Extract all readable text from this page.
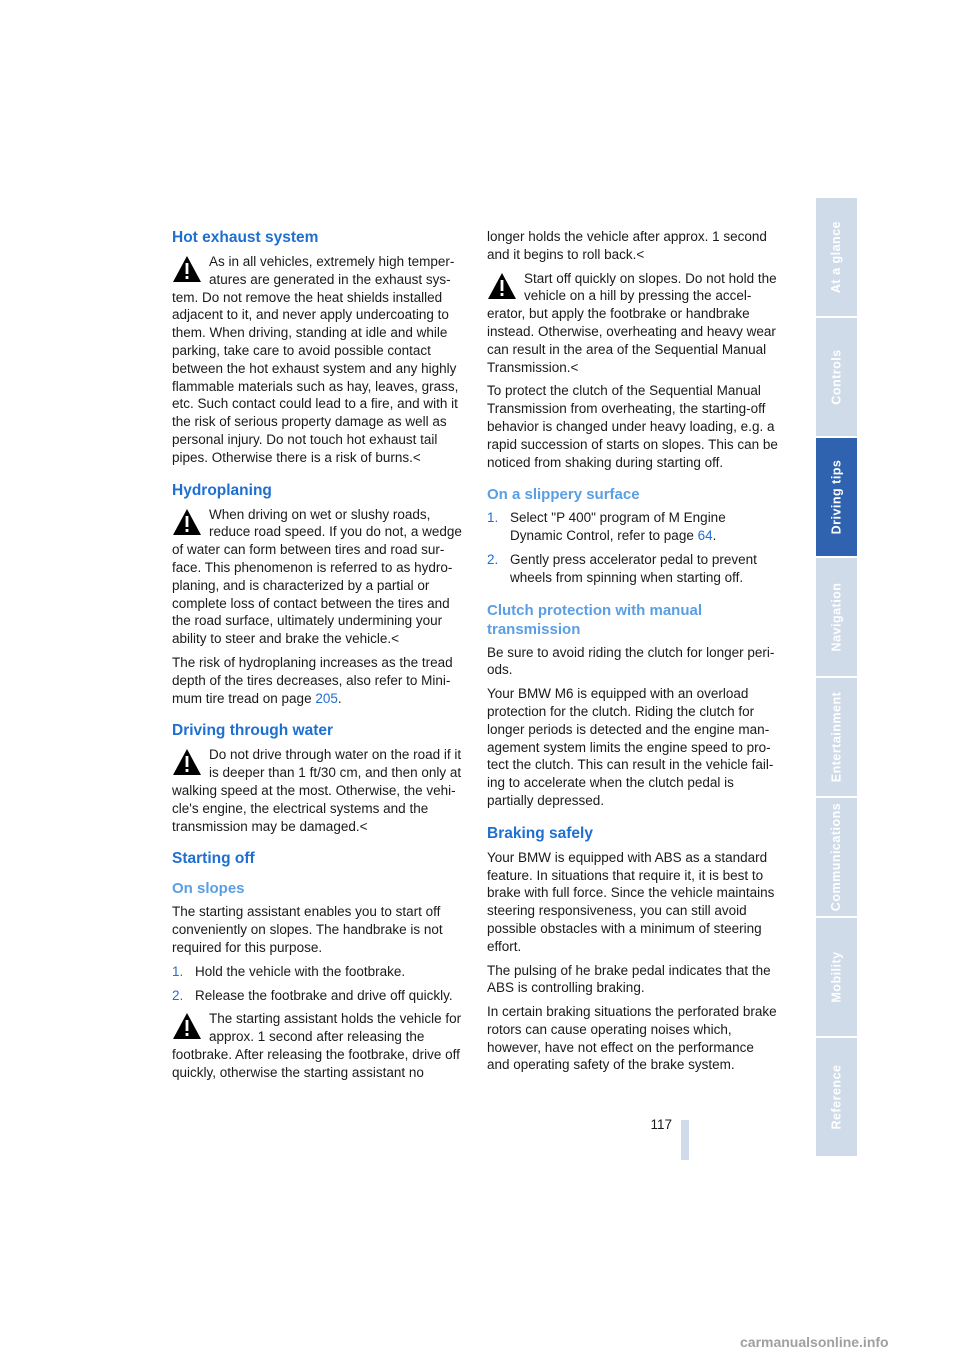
Hot exhaust system
As in all vehicles, extremely high temperatures are generated in the exhaust system. Do not remove the heat shields installed adjacent to it, and never apply undercoating to them. When driving, standing at idle and while parking, take care to avoid possible contact between the hot exhaust system and any highly flammable materials such as hay, leaves, grass, etc. Such contact could lead to a fire, and with it the risk of serious property damage as well as personal injury. Do not touch hot exhaust tail pipes. Otherwise there is a risk of burns.<
Hydroplaning
When driving on wet or slushy roads, reduce road speed. If you do not, a wedge of water can form between tires and road surface. This phenomenon is referred to as hydroplaning, and is characterized by a partial or complete loss of contact between the tires and the road surface, ultimately undermining your ability to steer and brake the vehicle.<

The risk of hydroplaning increases as the tread depth of the tires decreases, also refer to Minimum tire tread on page 205.

Driving through water
Do not drive through water on the road if it is deeper than 1 ft/30 cm, and then only at walking speed at the most. Otherwise, the vehicle's engine, the electrical systems and the transmission may be damaged.<
Starting off
On slopes

The starting assistant enables you to start off conveniently on slopes. The handbrake is not required for this purpose.

1. Hold the vehicle with the footbrake.
2. Release the footbrake and drive off quickly.
The starting assistant holds the vehicle for approx. 1 second after releasing the footbrake. After releasing the footbrake, drive off quickly, otherwise the starting assistant no

longer holds the vehicle after approx. 1 second and it begins to roll back.<

Start off quickly on slopes. Do not hold the vehicle on a hill by pressing the accelerator, but apply the footbrake or handbrake instead. Otherwise, overheating and heavy wear can result in the area of the Sequential Manual Transmission.<

To protect the clutch of the Sequential Manual Transmission from overheating, the starting-off behavior is changed under heavy loading, e.g. a rapid succession of starts on slopes. This can be noticed from shaking during starting off.

On a slippery surface
1. Select "P 400" program of M Engine Dynamic Control, refer to page 64.
2. Gently press accelerator pedal to prevent wheels from spinning when starting off.
Clutch protection with manual transmission

Be sure to avoid riding the clutch for longer periods.

Your BMW M6 is equipped with an overload protection for the clutch. Riding the clutch for longer periods is detected and the engine management system limits the engine speed to protect the clutch. This can result in the vehicle failing to accelerate when the clutch pedal is partially depressed.

Braking safely

Your BMW is equipped with ABS as a standard feature. In situations that require it, it is best to brake with full force. Since the vehicle maintains steering responsiveness, you can still avoid possible obstacles with a minimum of steering effort.

The pulsing of he brake pedal indicates that the ABS is controlling braking.

In certain braking situations the perforated brake rotors can cause operating noises which, however, have not effect on the performance and operating safety of the brake system.

At a glance
Controls
Driving tips
Navigation
Entertainment
Communications
Mobility
Reference
117
carmanualsonline.info
